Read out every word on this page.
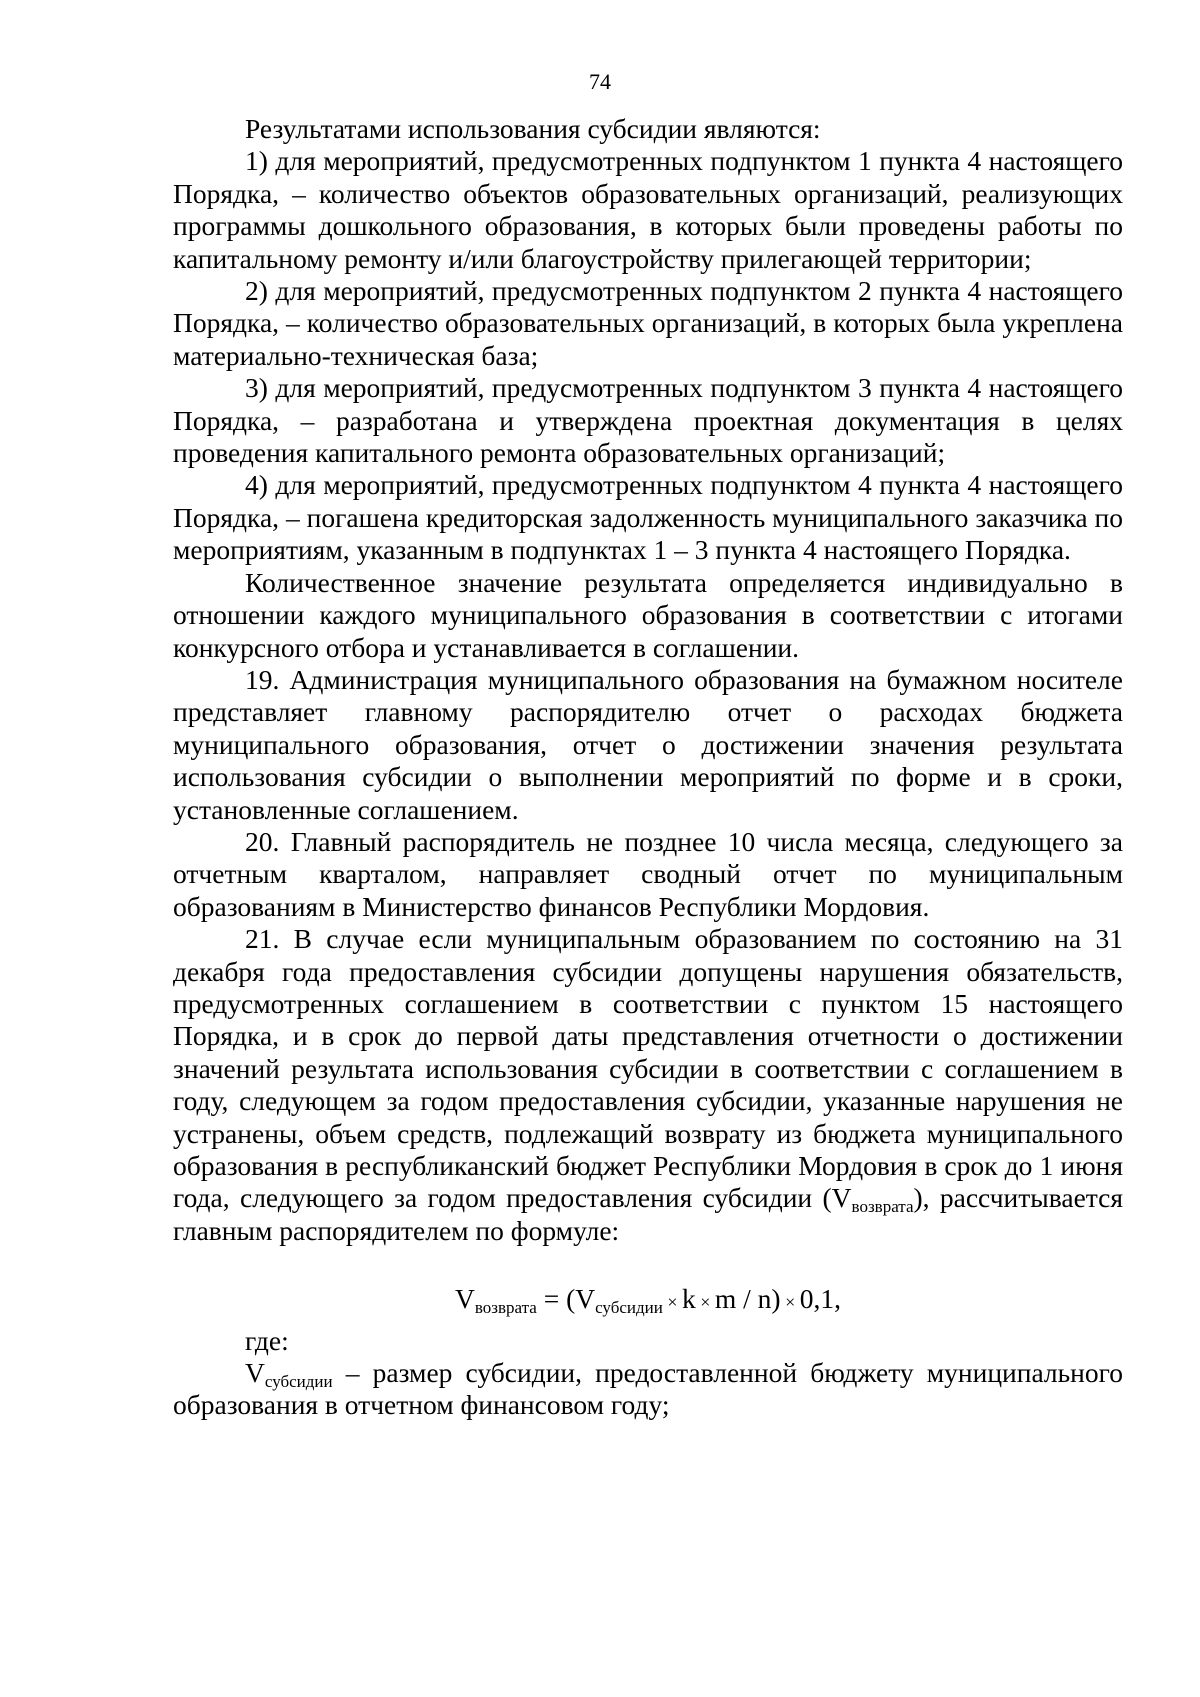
74

Результатами использования субсидии являются:

1) для мероприятий, предусмотренных подпунктом 1 пункта 4 настоящего Порядка, – количество объектов образовательных организаций, реализующих программы дошкольного образования, в которых были проведены работы по капитальному ремонту и/или благоустройству прилегающей территории;

2) для мероприятий, предусмотренных подпунктом 2 пункта 4 настоящего Порядка, – количество образовательных организаций, в которых была укреплена материально-техническая база;

3) для мероприятий, предусмотренных подпунктом 3 пункта 4 настоящего Порядка, – разработана и утверждена проектная документация в целях проведения капитального ремонта образовательных организаций;

4) для мероприятий, предусмотренных подпунктом 4 пункта 4 настоящего Порядка, – погашена кредиторская задолженность муниципального заказчика по мероприятиям, указанным в подпунктах 1 – 3 пункта 4 настоящего Порядка.

Количественное значение результата определяется индивидуально в отношении каждого муниципального образования в соответствии с итогами конкурсного отбора и устанавливается в соглашении.

19. Администрация муниципального образования на бумажном носителе представляет главному распорядителю отчет о расходах бюджета муниципального образования, отчет о достижении значения результата использования субсидии о выполнении мероприятий по форме и в сроки, установленные соглашением.

20. Главный распорядитель не позднее 10 числа месяца, следующего за отчетным кварталом, направляет сводный отчет по муниципальным образованиям в Министерство финансов Республики Мордовия.

21. В случае если муниципальным образованием по состоянию на 31 декабря года предоставления субсидии допущены нарушения обязательств, предусмотренных соглашением в соответствии с пунктом 15 настоящего Порядка, и в срок до первой даты представления отчетности о достижении значений результата использования субсидии в соответствии с соглашением в году, следующем за годом предоставления субсидии, указанные нарушения не устранены, объем средств, подлежащий возврату из бюджета муниципального образования в республиканский бюджет Республики Мордовия в срок до 1 июня года, следующего за годом предоставления субсидии $(V_{возврата})$, рассчитывается главным распорядителем по формуле:

$V_{возврата} = (V_{субсидии} \times k \times m / n) \times 0,1$,

где:

$V_{субсидии}$ – размер субсидии, предоставленной бюджету муниципального образования в отчетном финансовом году;
